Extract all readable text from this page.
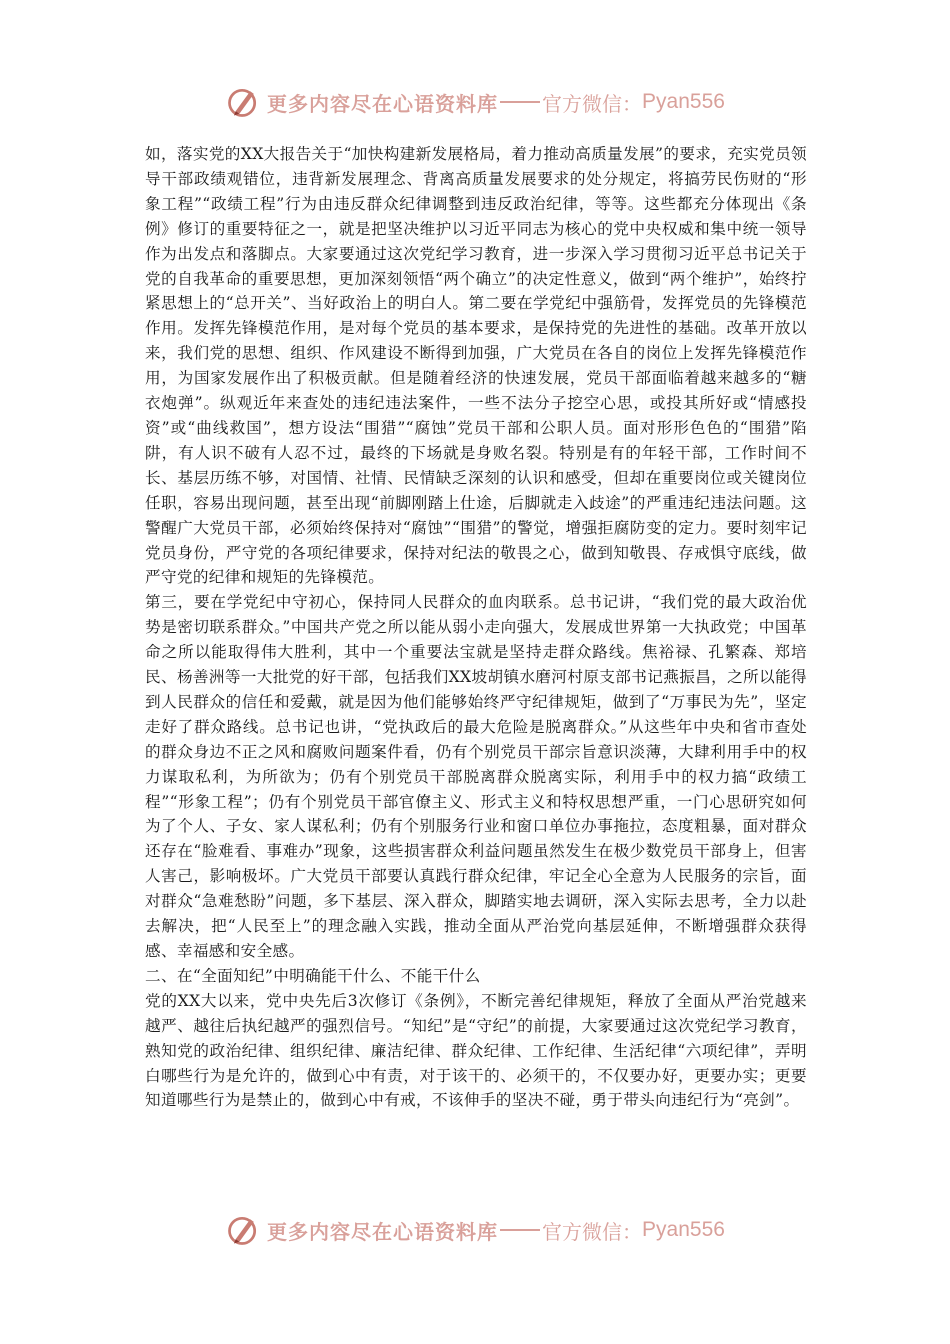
更多内容尽在心语资料库 官方微信： Pyan556

如，落实党的XX大报告关于“加快构建新发展格局，着力推动高质量发展”的要求，充实党员领导干部政绩观错位，违背新发展理念、背离高质量发展要求的处分规定，将搞劳民伤财的“形象工程”“政绩工程”行为由违反群众纪律调整到违反政治纪律，等等。这些都充分体现出《条例》修订的重要特征之一，就是把坚决维护以习近平同志为核心的党中央权威和集中统一领导作为出发点和落脚点。大家要通过这次党纪学习教育，进一步深入学习贯彻习近平总书记关于党的自我革命的重要思想，更加深刻领悟“两个确立”的决定性意义，做到“两个维护”，始终拧紧思想上的“总开关”、当好政治上的明白人。第二要在学党纪中强筋骨，发挥党员的先锋模范作用。发挥先锋模范作用，是对每个党员的基本要求，是保持党的先进性的基础。改革开放以来，我们党的思想、组织、作风建设不断得到加强，广大党员在各自的岗位上发挥先锋模范作用，为国家发展作出了积极贡献。但是随着经济的快速发展，党员干部面临着越来越多的“糖衣炮弹”。纵观近年来查处的违纪违法案件，一些不法分子挖空心思，或投其所好或“情感投资”或“曲线救国”，想方设法“围猎”“腐蚀”党员干部和公职人员。面对形形色色的“围猎”陷阱，有人识不破有人忍不过，最终的下场就是身败名裂。特别是有的年轻干部，工作时间不长、基层历练不够，对国情、社情、民情缺乏深刻的认识和感受，但却在重要岗位或关键岗位任职，容易出现问题，甚至出现“前脚刚踏上仕途，后脚就走入歧途”的严重违纪违法问题。这警醒广大党员干部，必须始终保持对“腐蚀”“围猎”的警觉，增强拒腐防变的定力。要时刻牢记党员身份，严守党的各项纪律要求，保持对纪法的敬畏之心，做到知敬畏、存戒惧守底线，做严守党的纪律和规矩的先锋模范。

第三，要在学党纪中守初心，保持同人民群众的血肉联系。总书记讲，“我们党的最大政治优势是密切联系群众。”中国共产党之所以能从弱小走向强大，发展成世界第一大执政党；中国革命之所以能取得伟大胜利，其中一个重要法宝就是坚持走群众路线。焦裕禄、孔繁森、郑培民、杨善洲等一大批党的好干部，包括我们XX坡胡镇水磨河村原支部书记燕振昌，之所以能得到人民群众的信任和爱戴，就是因为他们能够始终严守纪律规矩，做到了“万事民为先”，坚定走好了群众路线。总书记也讲，“党执政后的最大危险是脱离群众。”从这些年中央和省市查处的群众身边不正之风和腐败问题案件看，仍有个别党员干部宗旨意识淡薄，大肆利用手中的权力谋取私利，为所欲为；仍有个别党员干部脱离群众脱离实际，利用手中的权力搞“政绩工程”“形象工程”；仍有个别党员干部官僚主义、形式主义和特权思想严重，一门心思研究如何为了个人、子女、家人谋私利；仍有个别服务行业和窗口单位办事拖拉，态度粗暴，面对群众还存在“脸难看、事难办”现象，这些损害群众利益问题虽然发生在极少数党员干部身上，但害人害己，影响极坏。广大党员干部要认真践行群众纪律，牢记全心全意为人民服务的宗旨，面对群众“急难愁盼”问题，多下基层、深入群众，脚踏实地去调研，深入实际去思考，全力以赴去解决，把“人民至上”的理念融入实践，推动全面从严治党向基层延伸，不断增强群众获得感、幸福感和安全感。

二、在“全面知纪”中明确能干什么、不能干什么

党的XX大以来，党中央先后3次修订《条例》，不断完善纪律规矩，释放了全面从严治党越来越严、越往后执纪越严的强烈信号。“知纪”是“守纪”的前提，大家要通过这次党纪学习教育，熟知党的政治纪律、组织纪律、廉洁纪律、群众纪律、工作纪律、生活纪律“六项纪律”，弄明白哪些行为是允许的，做到心中有责，对于该干的、必须干的，不仅要办好，更要办实；更要知道哪些行为是禁止的，做到心中有戒，不该伸手的坚决不碰，勇于带头向违纪行为“亮剑”。

更多内容尽在心语资料库 官方微信： Pyan556
